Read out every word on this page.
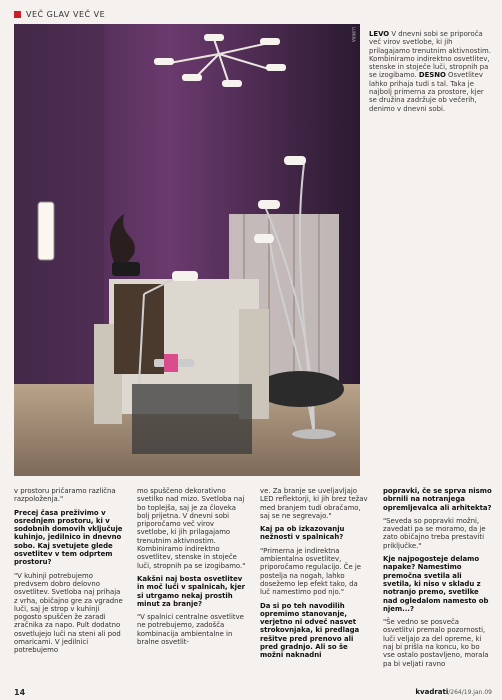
VEČ GLAV VEČ VE
LUMIRA LEVO V dnevni sobi se priporoča več virov svetlobe, ki jih prilagajamo trenutnim aktivnostim. Kombiniramo indirektno osvetlitev, stenske in stoječe luči, stropnih pa se izogibamo. DESNO Osvetlitev lahko prihaja tudi s tal. Taka je najbolj primerna za prostore, kjer se družina zadržuje ob večerih, denimo v dnevni sobi.

v prostoru pričaramo različna razpoloženja."

Precej časa preživimo v osrednjem prostoru, ki v sodobnih domovih vključuje kuhinjo, jedilnico in dnevno sobo. Kaj svetujete glede osvetlitev v tem odprtem prostoru?

"V kuhinji potrebujemo predvsem dobro delovno osvetlitev. Svetloba naj prihaja z vrha, običajno gre za vgradne luči, saj je strop v kuhinji pogosto spuščen že zaradi zračnika za napo. Pult dodatno osvetlujejo luči na steni ali pod omaricami. V jedilnici potrebujemo

mo spuščeno dekorativno svetilko nad mizo. Svetloba naj bo toplejša, saj je za človeka bolj prijetna. V dnevni sobi priporočamo več virov svetlobe, ki jih prilagajamo trenutnim aktivnostim. Kombiniramo indirektno osvetlitev, stenske in stoječe luči, stropnih pa se izogibamo."

Kakšni naj bosta osvetlitev in moč luči v spalnicah, kjer si utrgamo nekaj prostih minut za branje?

"V spalnici centralne osvetlitve ne potrebujemo, zadošča kombinacija ambientalne in bralne osvetlit-

ve. Za branje se uveljavljajo LED reflektorji, ki jih brez težav med branjem tudi obračamo, saj se ne segrevajo."

Kaj pa ob izkazovanju nežnosti v spalnicah?

"Primerna je indirektna ambientalna osvetlitev, priporočamo regulacijo. Če je postelja na nogah, lahko dosežemo lep efekt tako, da luč namestimo pod njo."

Da si po teh navodilih opremimo stanovanje, verjetno ni odveč nasvet strokovnjaka, ki predlaga rešitve pred prenovo ali pred gradnjo. Ali so še možni naknadni

popravki, če se sprva nismo obrnili na notranjega opremljevalca ali arhitekta?

"Seveda so popravki možni, zavedati pa se moramo, da je zato običajno treba prestaviti priključke."

Kje najpogosteje delamo napake? Namestimo premočna svetila ali svetila, ki niso v skladu z notranjo premo, svetilke nad ogledalom namesto ob njem...?

"Še vedno se posveča osvetlitvi premalo pozornosti, luči veljajo za del opreme, ki naj bi prišla na koncu, ko bo vse ostalo postavljeno, morala pa bi veljati ravno

14	kvadrati/264/19.jan.09
